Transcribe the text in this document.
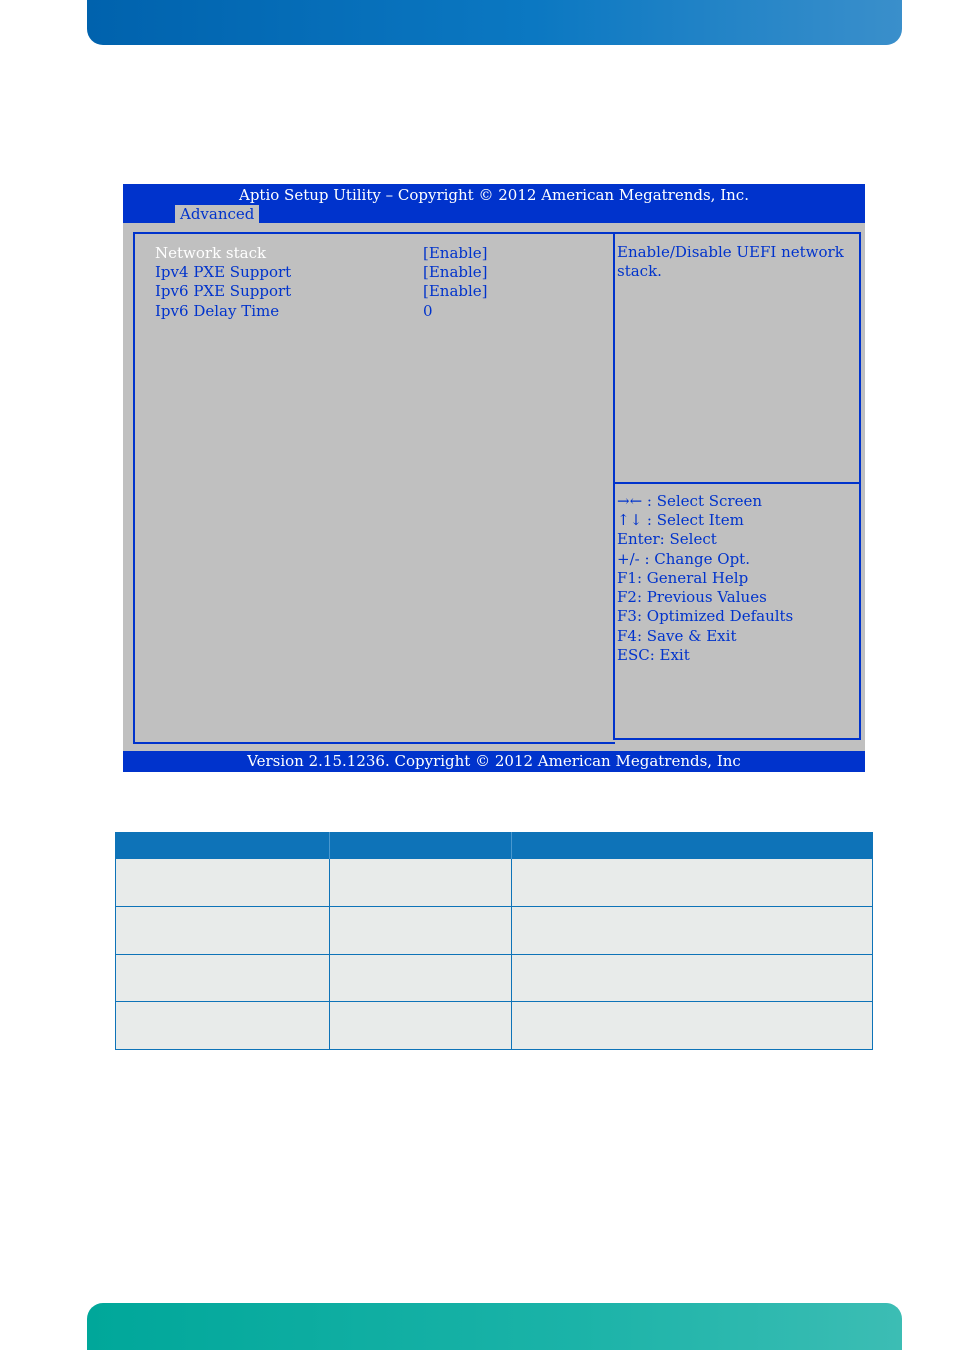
Aptio Setup Utility – Copyright © 2012 American Megatrends, Inc.
Advanced
Network stack	[Enable]
Ipv4 PXE Support	[Enable]
Ipv6 PXE Support	[Enable]
Ipv6 Delay Time	0
Enable/Disable UEFI network stack.
→← : Select Screen
↑↓ : Select Item
Enter: Select
+/- : Change Opt.
F1: General Help
F2: Previous Values
F3: Optimized Defaults
F4: Save & Exit
ESC: Exit
Version 2.15.1236. Copyright © 2012 American Megatrends, Inc
